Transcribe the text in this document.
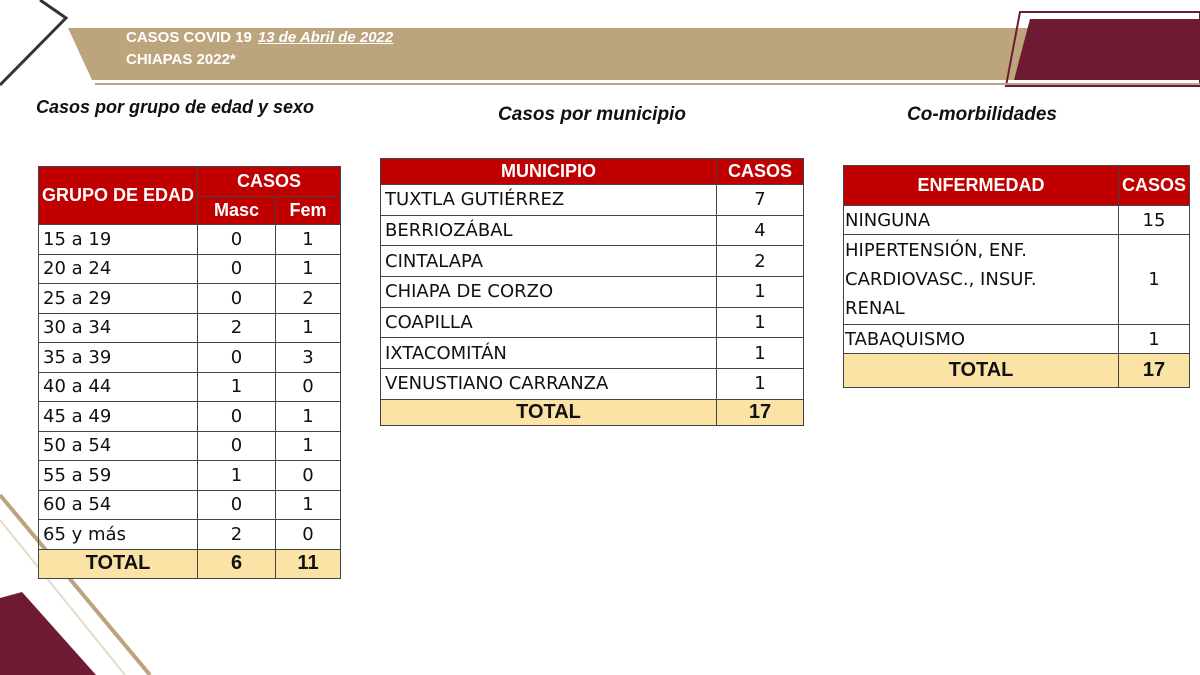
CASOS COVID 19 13 de Abril de 2022
CHIAPAS 2022*
Casos por grupo de edad y sexo	Casos por municipio	Co-morbilidades
GRUPO DE EDAD	CASOS	
	Masc	Fem
15 a 19	0	1
20 a 24	0	1
25 a 29	0	2
30 a 34	2	1
35 a 39	0	3
40 a 44	1	0
45 a 49	0	1
50 a 54	0	1
55 a 59	1	0
60 a 54	0	1
65 y más	2	0
TOTAL	6	11
MUNICIPIO	CASOS
TUXTLA GUTIÉRREZ	7
BERRIOZÁBAL	4
CINTALAPA	2
CHIAPA DE CORZO	1
COAPILLA	1
IXTACOMITÁN	1
VENUSTIANO CARRANZA	1
TOTAL	17
ENFERMEDAD	CASOS
NINGUNA	15
HIPERTENSIÓN, ENF. CARDIOVASC., INSUF. RENAL	1
TABAQUISMO	1
TOTAL	17
